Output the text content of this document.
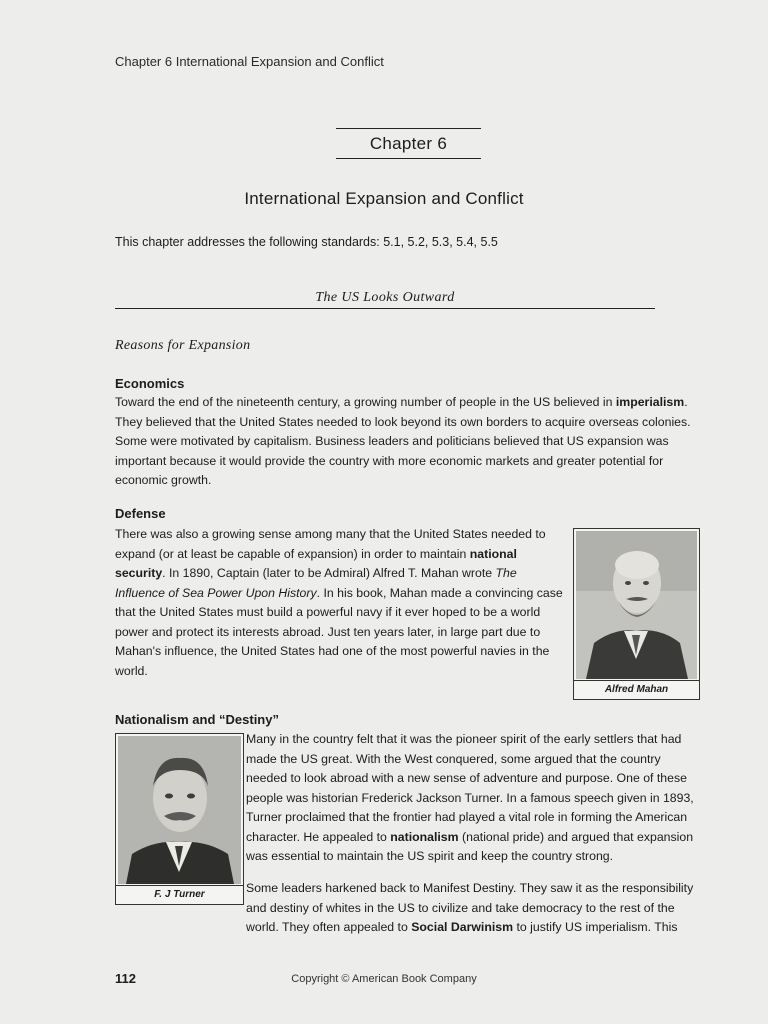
Chapter 6 International Expansion and Conflict
Chapter 6
International Expansion and Conflict
This chapter addresses the following standards: 5.1, 5.2, 5.3, 5.4, 5.5
The US Looks Outward
Reasons for Expansion
Economics
Toward the end of the nineteenth century, a growing number of people in the US believed in imperialism. They believed that the United States needed to look beyond its own borders to acquire overseas colonies. Some were motivated by capitalism. Business leaders and politicians believed that US expansion was important because it would provide the country with more economic markets and greater potential for economic growth.
Defense
There was also a growing sense among many that the United States needed to expand (or at least be capable of expansion) in order to maintain national security. In 1890, Captain (later to be Admiral) Alfred T. Mahan wrote The Influence of Sea Power Upon History. In his book, Mahan made a convincing case that the United States must build a powerful navy if it ever hoped to be a world power and protect its interests abroad. Just ten years later, in large part due to Mahan's influence, the United States had one of the most powerful navies in the world.
Alfred Mahan
Nationalism and “Destiny”
F. J Turner
Many in the country felt that it was the pioneer spirit of the early settlers that had made the US great. With the West conquered, some argued that the country needed to look abroad with a new sense of adventure and purpose. One of these people was historian Frederick Jackson Turner. In a famous speech given in 1893, Turner proclaimed that the frontier had played a vital role in forming the American character. He appealed to nationalism (national pride) and argued that expansion was essential to maintain the US spirit and keep the country strong.
Some leaders harkened back to Manifest Destiny. They saw it as the responsibility and destiny of whites in the US to civilize and take democracy to the rest of the world. They often appealed to Social Darwinism to justify US imperialism. This
112	Copyright © American Book Company
